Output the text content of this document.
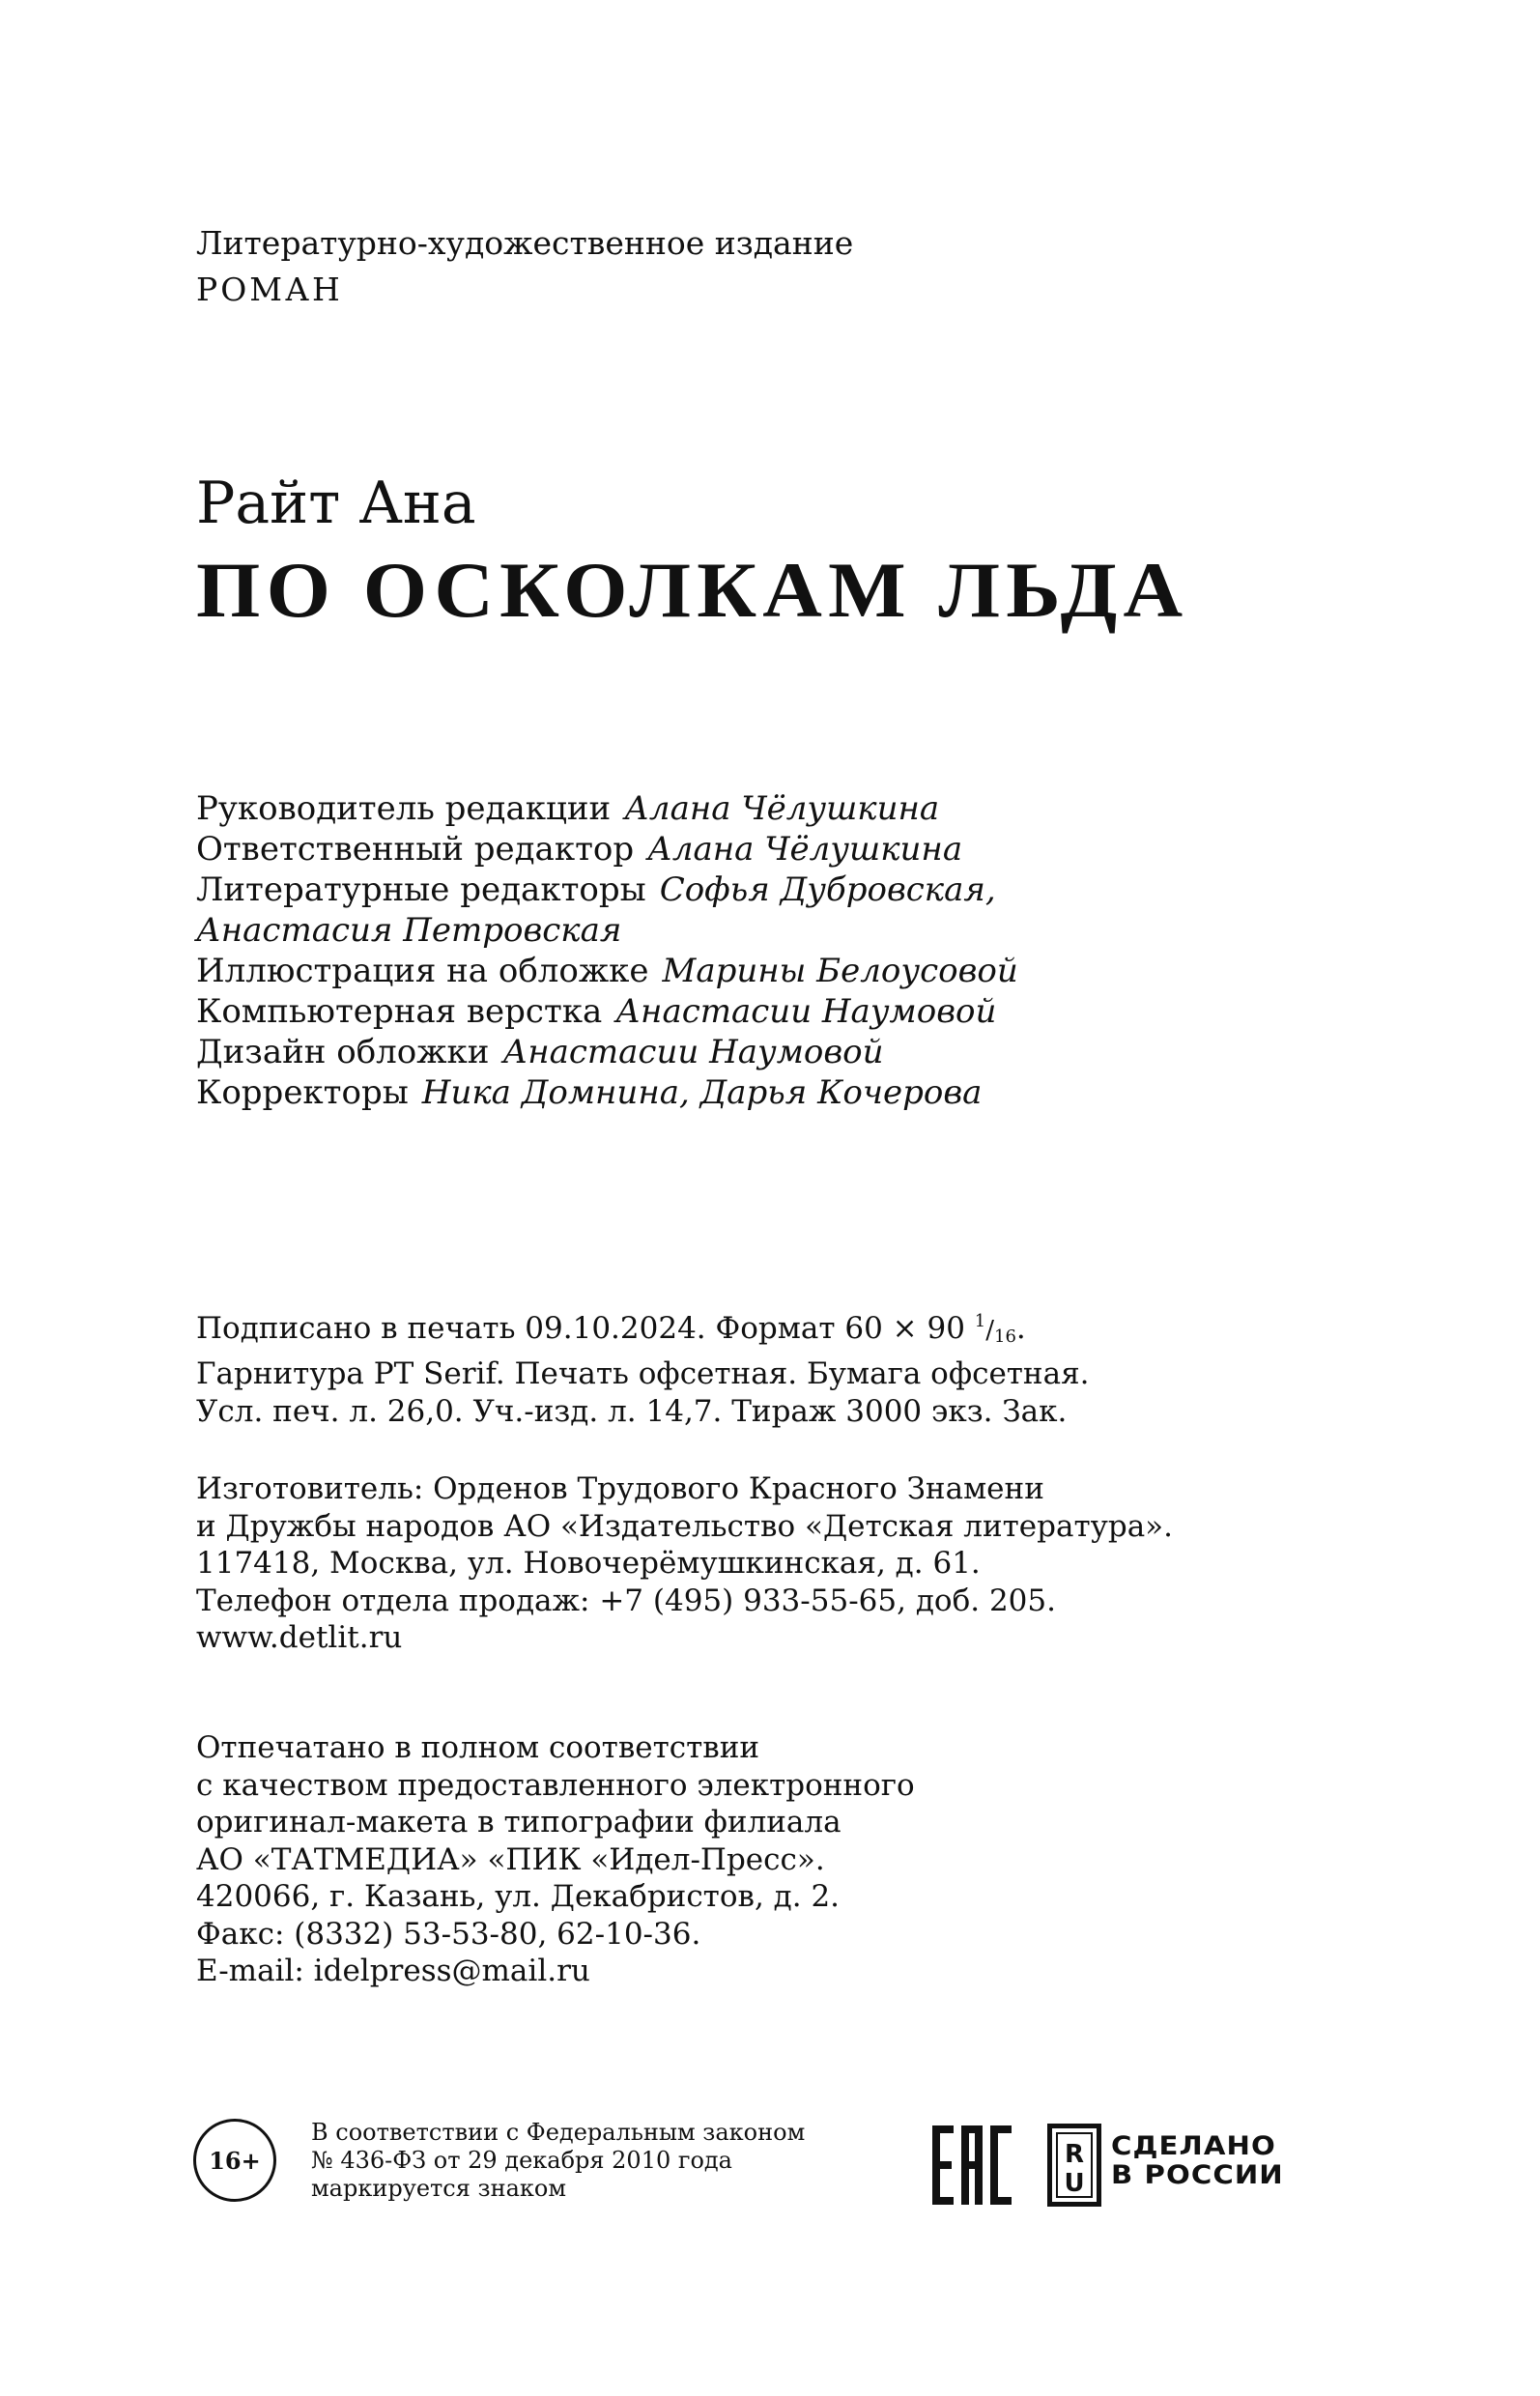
Литературно-художественное издание
РОМАН
Райт Ана
ПО ОСКОЛКАМ ЛЬДА
Руководитель редакции Алана Чёлушкина
Ответственный редактор Алана Чёлушкина
Литературные редакторы Софья Дубровская,
Анастасия Петровская
Иллюстрация на обложке Марины Белоусовой
Компьютерная верстка Анастасии Наумовой
Дизайн обложки Анастасии Наумовой
Корректоры Ника Домнина, Дарья Кочерова
Подписано в печать 09.10.2024. Формат 60 × 90 $^1/_{16}$.
Гарнитура PT Serif. Печать офсетная. Бумага офсетная.
Усл. печ. л. 26,0. Уч.-изд. л. 14,7. Тираж 3000 экз. Зак.
Изготовитель: Орденов Трудового Красного Знамени
и Дружбы народов АО «Издательство «Детская литература».
117418, Москва, ул. Новочерёмушкинская, д. 61.
Телефон отдела продаж: +7 (495) 933-55-65, доб. 205.
www.detlit.ru
Отпечатано в полном соответствии
с качеством предоставленного электронного
оригинал-макета в типографии филиала
АО «ТАТМЕДИА» «ПИК «Идел-Пресс».
420066, г. Казань, ул. Декабристов, д. 2.
Факс: (8332) 53-53-80, 62-10-36.
E-mail: idelpress@mail.ru
16+
В соответствии с Федеральным законом
№ 436-ФЗ от 29 декабря 2010 года
маркируется знаком
R
U
СДЕЛАНО
В РОССИИ
